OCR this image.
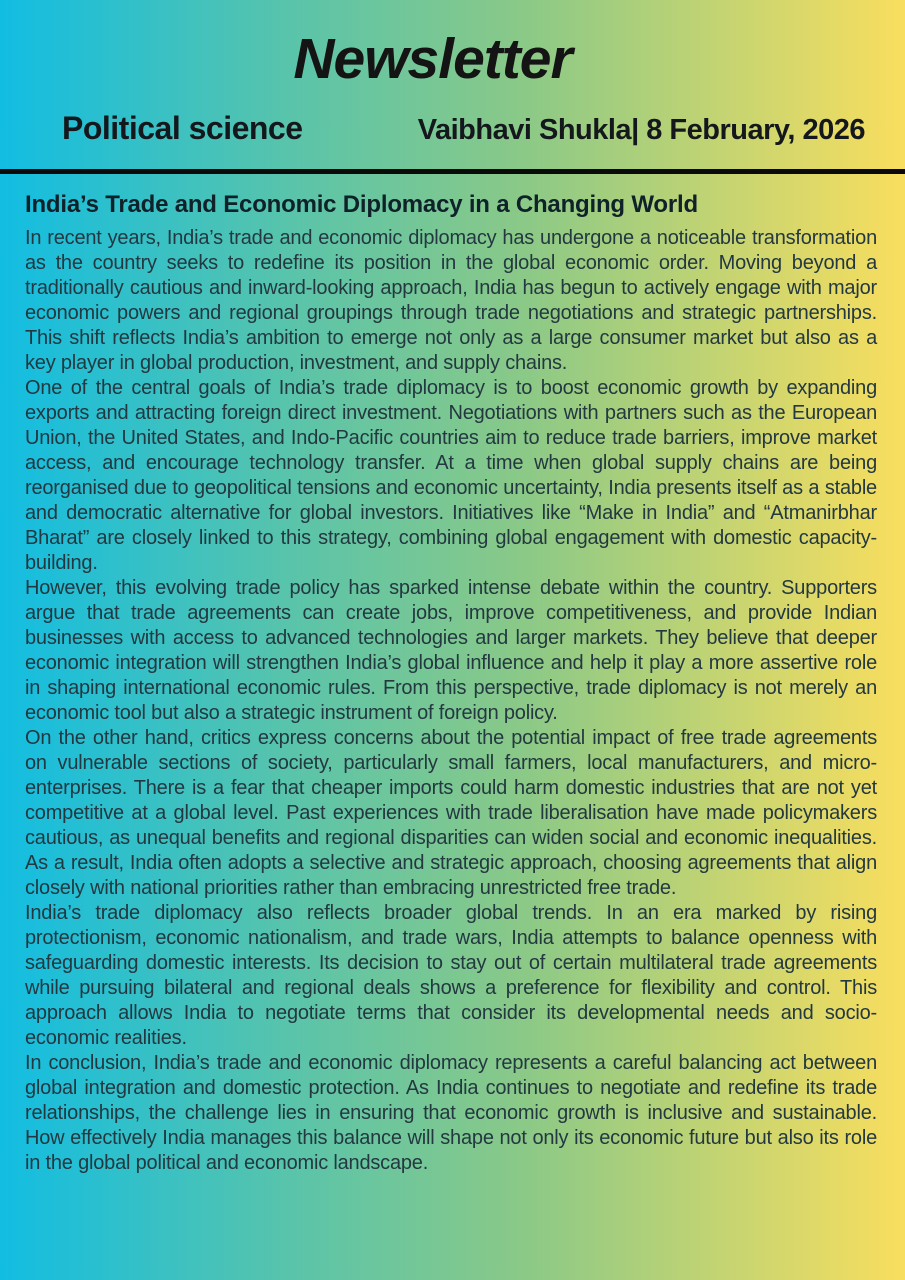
Newsletter
Political science	Vaibhavi Shukla| 8 February, 2026
India’s Trade and Economic Diplomacy in a Changing World

In recent years, India’s trade and economic diplomacy has undergone a noticeable transformation as the country seeks to redefine its position in the global economic order. Moving beyond a traditionally cautious and inward-looking approach, India has begun to actively engage with major economic powers and regional groupings through trade negotiations and strategic partnerships. This shift reflects India’s ambition to emerge not only as a large consumer market but also as a key player in global production, investment, and supply chains.

One of the central goals of India’s trade diplomacy is to boost economic growth by expanding exports and attracting foreign direct investment. Negotiations with partners such as the European Union, the United States, and Indo-Pacific countries aim to reduce trade barriers, improve market access, and encourage technology transfer. At a time when global supply chains are being reorganised due to geopolitical tensions and economic uncertainty, India presents itself as a stable and democratic alternative for global investors. Initiatives like “Make in India” and “Atmanirbhar Bharat” are closely linked to this strategy, combining global engagement with domestic capacity-building.

However, this evolving trade policy has sparked intense debate within the country. Supporters argue that trade agreements can create jobs, improve competitiveness, and provide Indian businesses with access to advanced technologies and larger markets. They believe that deeper economic integration will strengthen India’s global influence and help it play a more assertive role in shaping international economic rules. From this perspective, trade diplomacy is not merely an economic tool but also a strategic instrument of foreign policy.

On the other hand, critics express concerns about the potential impact of free trade agreements on vulnerable sections of society, particularly small farmers, local manufacturers, and micro-enterprises. There is a fear that cheaper imports could harm domestic industries that are not yet competitive at a global level. Past experiences with trade liberalisation have made policymakers cautious, as unequal benefits and regional disparities can widen social and economic inequalities. As a result, India often adopts a selective and strategic approach, choosing agreements that align closely with national priorities rather than embracing unrestricted free trade.

India’s trade diplomacy also reflects broader global trends. In an era marked by rising protectionism, economic nationalism, and trade wars, India attempts to balance openness with safeguarding domestic interests. Its decision to stay out of certain multilateral trade agreements while pursuing bilateral and regional deals shows a preference for flexibility and control. This approach allows India to negotiate terms that consider its developmental needs and socio-economic realities.

In conclusion, India’s trade and economic diplomacy represents a careful balancing act between global integration and domestic protection. As India continues to negotiate and redefine its trade relationships, the challenge lies in ensuring that economic growth is inclusive and sustainable. How effectively India manages this balance will shape not only its economic future but also its role in the global political and economic landscape.
